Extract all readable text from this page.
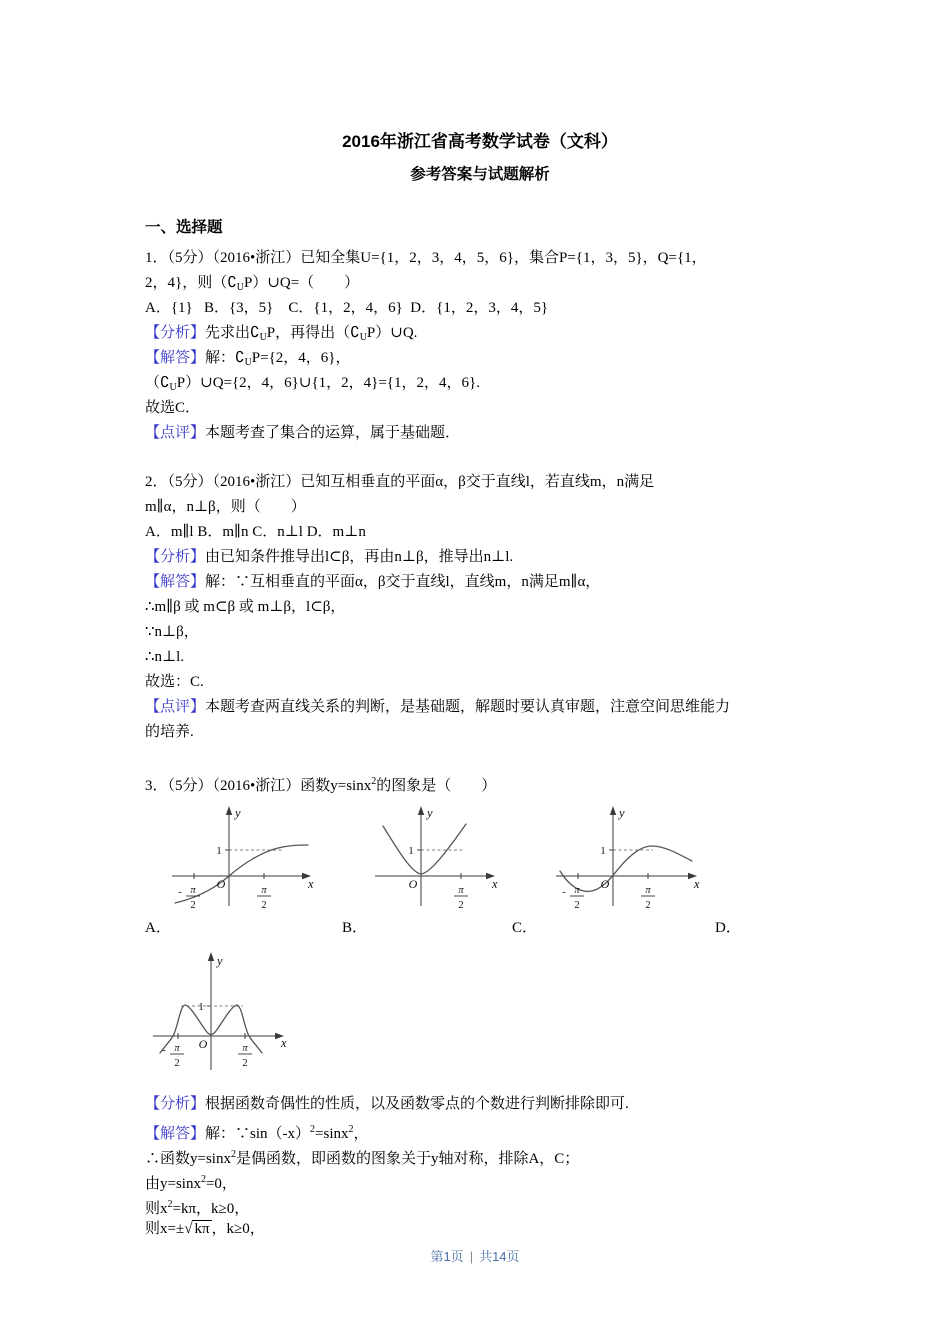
2016年浙江省高考数学试卷（文科）
参考答案与试题解析
一、选择题
1．（5分）（2016•浙江）已知全集U={1，2，3，4，5，6}，集合P={1，3，5}，Q={1，
2，4}，则$(∁_UP)\cup Q=$（　　）
A．{1}   B．{3，5}    C．{1，2，4，6}  D．{1，2，3，4，5}
【分析】先求出$∁_UP$，再得出$(∁_UP)\cup Q$.
【解答】解：$∁_UP=\{2$，4，6}，
$(∁_UP)\cup Q=\{2$，4，6}∪{1，2，4}={1，2，4，6}.
故选C．
【点评】本题考查了集合的运算，属于基础题．
2．（5分）（2016•浙江）已知互相垂直的平面α，β交于直线l，若直线m，n满足
m∥α，n⊥β，则（　　）
A．m∥l B．m∥n C．n⊥l D．m⊥n
【分析】由已知条件推导出l⊂β，再由n⊥β，推导出n⊥l.
【解答】解：∵互相垂直的平面α，β交于直线l，直线m，n满足m∥α，
∴m∥β 或 m⊂β 或 m⊥β，l⊂β，
∵n⊥β，
∴n⊥l.
故选：C.
【点评】本题考查两直线关系的判断，是基础题，解题时要认真审题，注意空间思维能力
的培养.
3．（5分）（2016•浙江）函数y=sinx$^2$的图象是（　　）
y
x
O
1
- π
2
π
2
y
x
O
1
π
2
y
x
O
1
- π
2
π
2
A．	B．	C．	D．
y
x
O
1
- π
2
π
2
【分析】根据函数奇偶性的性质，以及函数零点的个数进行判断排除即可.
【解答】解：$\because\sin(-x)^2=\sin x^2$，
∴函数y=sinx$^2$是偶函数，即函数的图象关于y轴对称，排除A，C；
由y=sinx$^2$=0，
则$x^2=k\pi$，k≥0，
则x=±√ kπ ，k≥0，
第1页 | 共14页
